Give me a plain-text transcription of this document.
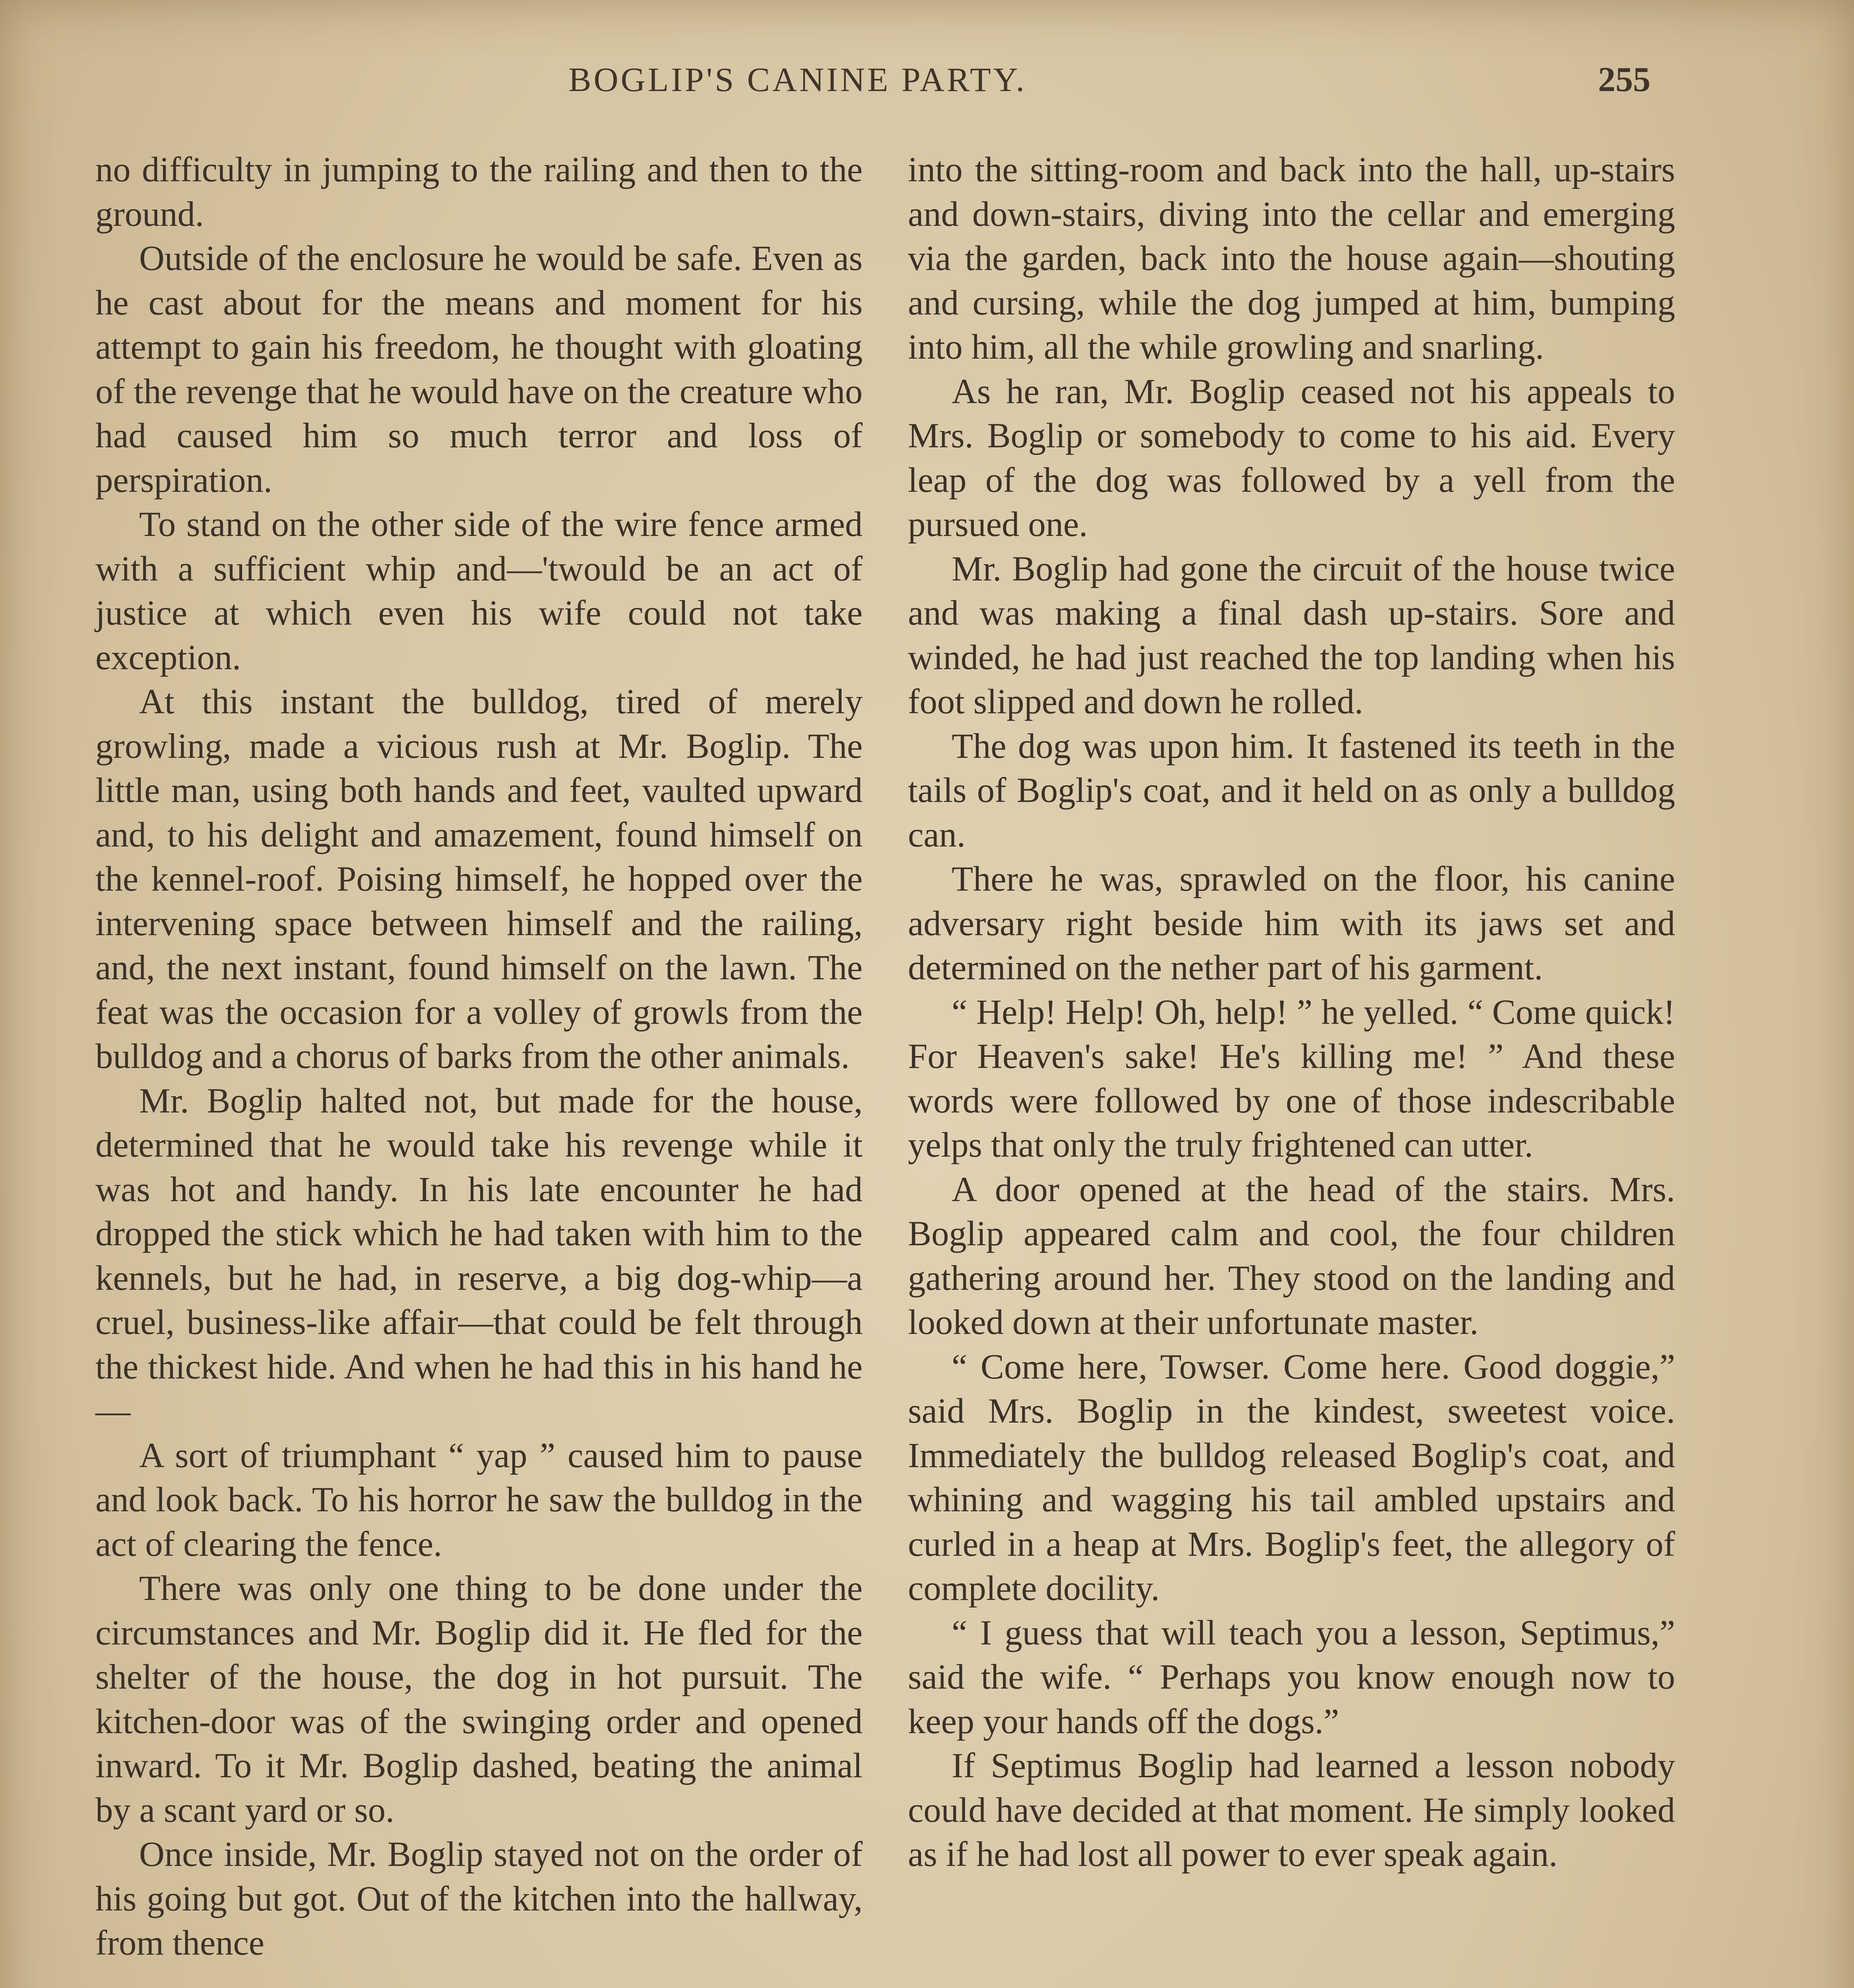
BOGLIP'S CANINE PARTY.	255

no difficulty in jumping to the railing and then to the ground.

Outside of the enclosure he would be safe. Even as he cast about for the means and moment for his attempt to gain his freedom, he thought with gloating of the revenge that he would have on the creature who had caused him so much terror and loss of perspiration.

To stand on the other side of the wire fence armed with a sufficient whip and—'twould be an act of justice at which even his wife could not take exception.

At this instant the bulldog, tired of merely growling, made a vicious rush at Mr. Boglip. The little man, using both hands and feet, vaulted upward and, to his delight and amazement, found himself on the kennel-roof. Poising himself, he hopped over the intervening space between himself and the railing, and, the next instant, found himself on the lawn. The feat was the occasion for a volley of growls from the bulldog and a chorus of barks from the other animals.

Mr. Boglip halted not, but made for the house, determined that he would take his revenge while it was hot and handy. In his late encounter he had dropped the stick which he had taken with him to the kennels, but he had, in reserve, a big dog-whip—a cruel, business-like affair—that could be felt through the thickest hide. And when he had this in his hand he—

A sort of triumphant “ yap ” caused him to pause and look back. To his horror he saw the bulldog in the act of clearing the fence.

There was only one thing to be done under the circumstances and Mr. Boglip did it. He fled for the shelter of the house, the dog in hot pursuit. The kitchen-door was of the swinging order and opened inward. To it Mr. Boglip dashed, beating the animal by a scant yard or so.

Once inside, Mr. Boglip stayed not on the order of his going but got. Out of the kitchen into the hallway, from thence

into the sitting-room and back into the hall, up-stairs and down-stairs, diving into the cellar and emerging via the garden, back into the house again—shouting and cursing, while the dog jumped at him, bumping into him, all the while growling and snarling.

As he ran, Mr. Boglip ceased not his appeals to Mrs. Boglip or somebody to come to his aid. Every leap of the dog was followed by a yell from the pursued one.

Mr. Boglip had gone the circuit of the house twice and was making a final dash up-stairs. Sore and winded, he had just reached the top landing when his foot slipped and down he rolled.

The dog was upon him. It fastened its teeth in the tails of Boglip's coat, and it held on as only a bulldog can.

There he was, sprawled on the floor, his canine adversary right beside him with its jaws set and determined on the nether part of his garment.

“ Help! Help! Oh, help! ” he yelled. “ Come quick! For Heaven's sake! He's killing me! ” And these words were followed by one of those indescribable yelps that only the truly frightened can utter.

A door opened at the head of the stairs. Mrs. Boglip appeared calm and cool, the four children gathering around her. They stood on the landing and looked down at their unfortunate master.

“ Come here, Towser. Come here. Good doggie,” said Mrs. Boglip in the kindest, sweetest voice. Immediately the bulldog released Boglip's coat, and whining and wagging his tail ambled upstairs and curled in a heap at Mrs. Boglip's feet, the allegory of complete docility.

“ I guess that will teach you a lesson, Septimus,” said the wife. “ Perhaps you know enough now to keep your hands off the dogs.”

If Septimus Boglip had learned a lesson nobody could have decided at that moment. He simply looked as if he had lost all power to ever speak again.
